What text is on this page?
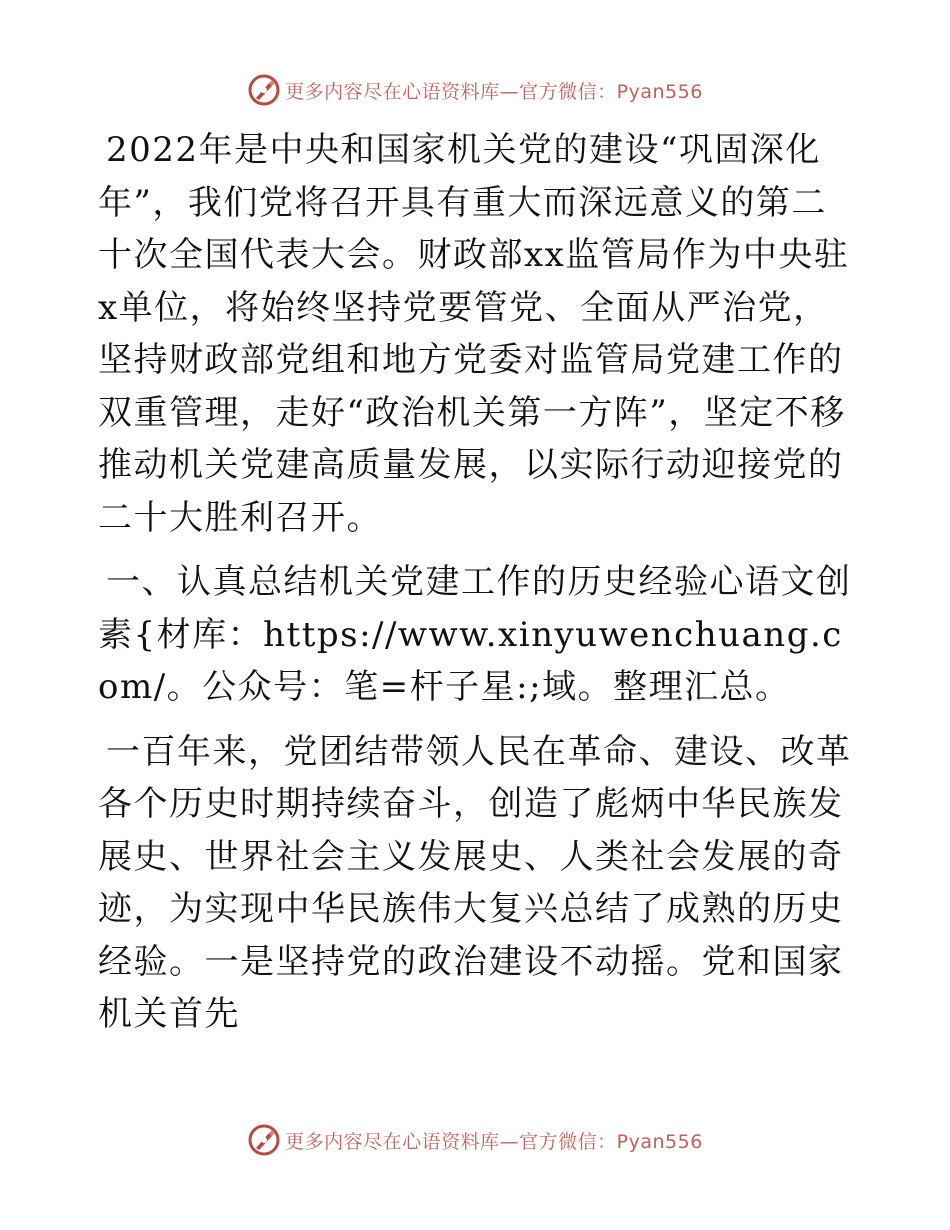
更多内容尽在心语资料库—官方微信：Pyan556

2022年是中央和国家机关党的建设“巩固深化年”，我们党将召开具有重大而深远意义的第二十次全国代表大会。财政部xx监管局作为中央驻x单位，将始终坚持党要管党、全面从严治党，坚持财政部党组和地方党委对监管局党建工作的双重管理，走好“政治机关第一方阵”，坚定不移推动机关党建高质量发展，以实际行动迎接党的二十大胜利召开。

一、认真总结机关党建工作的历史经验心语文创素{材库：https://www.xinyuwenchuang.com/。公众号：笔=杆子星:;域。整理汇总。

一百年来，党团结带领人民在革命、建设、改革各个历史时期持续奋斗，创造了彪炳中华民族发展史、世界社会主义发展史、人类社会发展的奇迹，为实现中华民族伟大复兴总结了成熟的历史经验。一是坚持党的政治建设不动摇。党和国家机关首先

更多内容尽在心语资料库—官方微信：Pyan556
